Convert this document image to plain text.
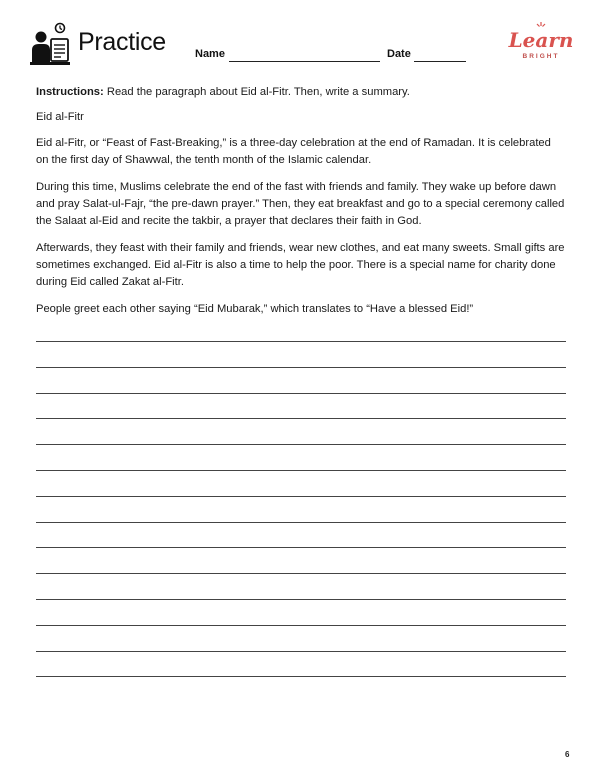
Practice	Name	Date
Learn
BRIGHT

Instructions: Read the paragraph about Eid al-Fitr. Then, write a summary.

Eid al-Fitr

Eid al-Fitr, or “Feast of Fast-Breaking,” is a three-day celebration at the end of Ramadan. It is celebrated on the first day of Shawwal, the tenth month of the Islamic calendar.

During this time, Muslims celebrate the end of the fast with friends and family. They wake up before dawn and pray Salat-ul-Fajr, “the pre-dawn prayer.” Then, they eat breakfast and go to a special ceremony called the Salaat al-Eid and recite the takbir, a prayer that declares their faith in God.

Afterwards, they feast with their family and friends, wear new clothes, and eat many sweets. Small gifts are sometimes exchanged. Eid al-Fitr is also a time to help the poor. There is a special name for charity done during Eid called Zakat al-Fitr.

People greet each other saying “Eid Mubarak,” which translates to “Have a blessed Eid!”

6
